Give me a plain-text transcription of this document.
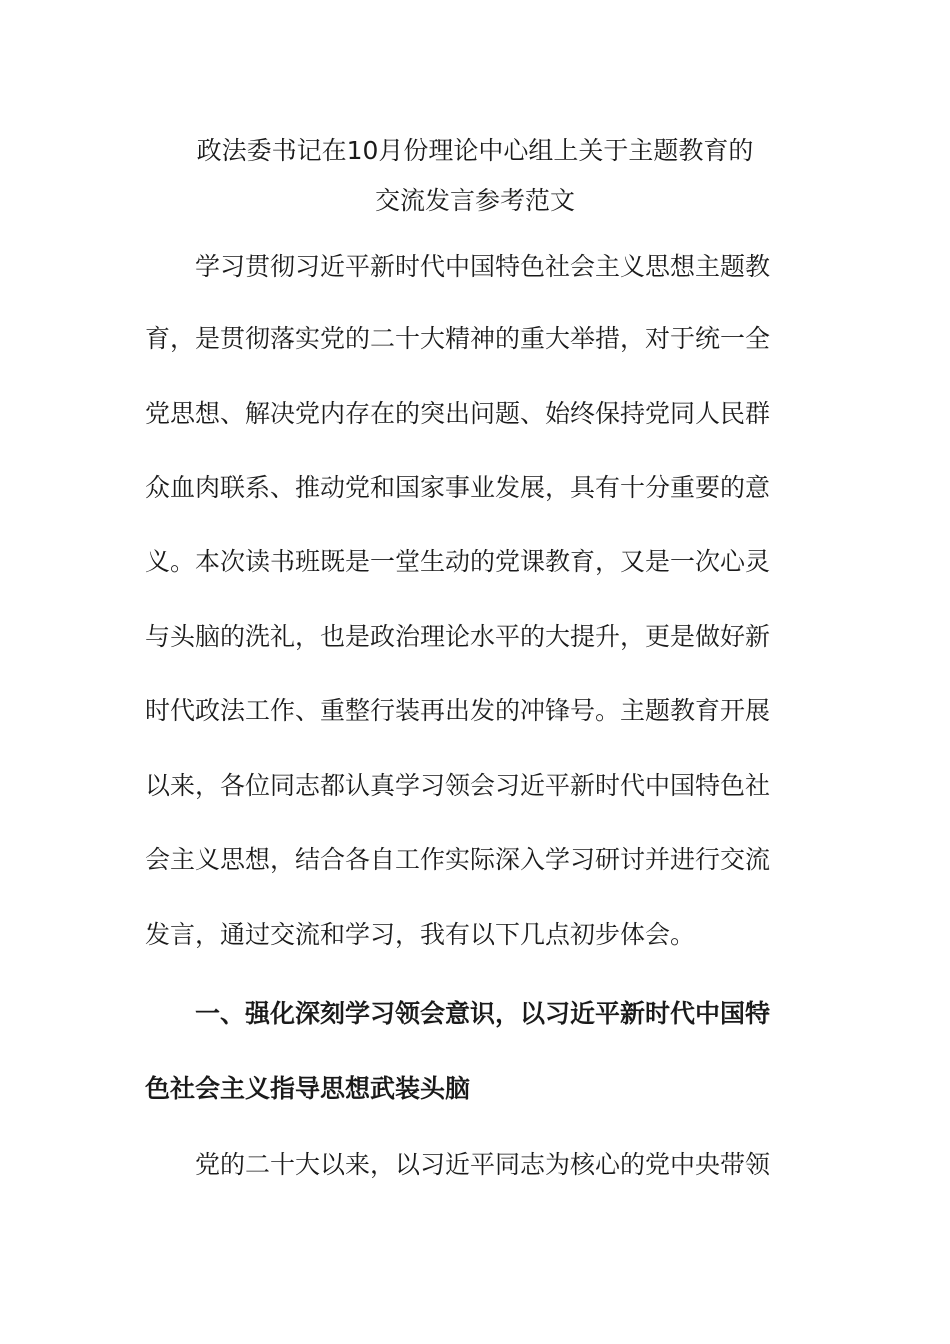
政法委书记在10月份理论中心组上关于主题教育的
交流发言参考范文

学习贯彻习近平新时代中国特色社会主义思想主题教

育，是贯彻落实党的二十大精神的重大举措，对于统一全

党思想、解决党内存在的突出问题、始终保持党同人民群

众血肉联系、推动党和国家事业发展，具有十分重要的意

义。本次读书班既是一堂生动的党课教育，又是一次心灵

与头脑的洗礼，也是政治理论水平的大提升，更是做好新

时代政法工作、重整行装再出发的冲锋号。主题教育开展

以来，各位同志都认真学习领会习近平新时代中国特色社

会主义思想，结合各自工作实际深入学习研讨并进行交流

发言，通过交流和学习，我有以下几点初步体会。

一、强化深刻学习领会意识，以习近平新时代中国特

色社会主义指导思想武装头脑

党的二十大以来，以习近平同志为核心的党中央带领
